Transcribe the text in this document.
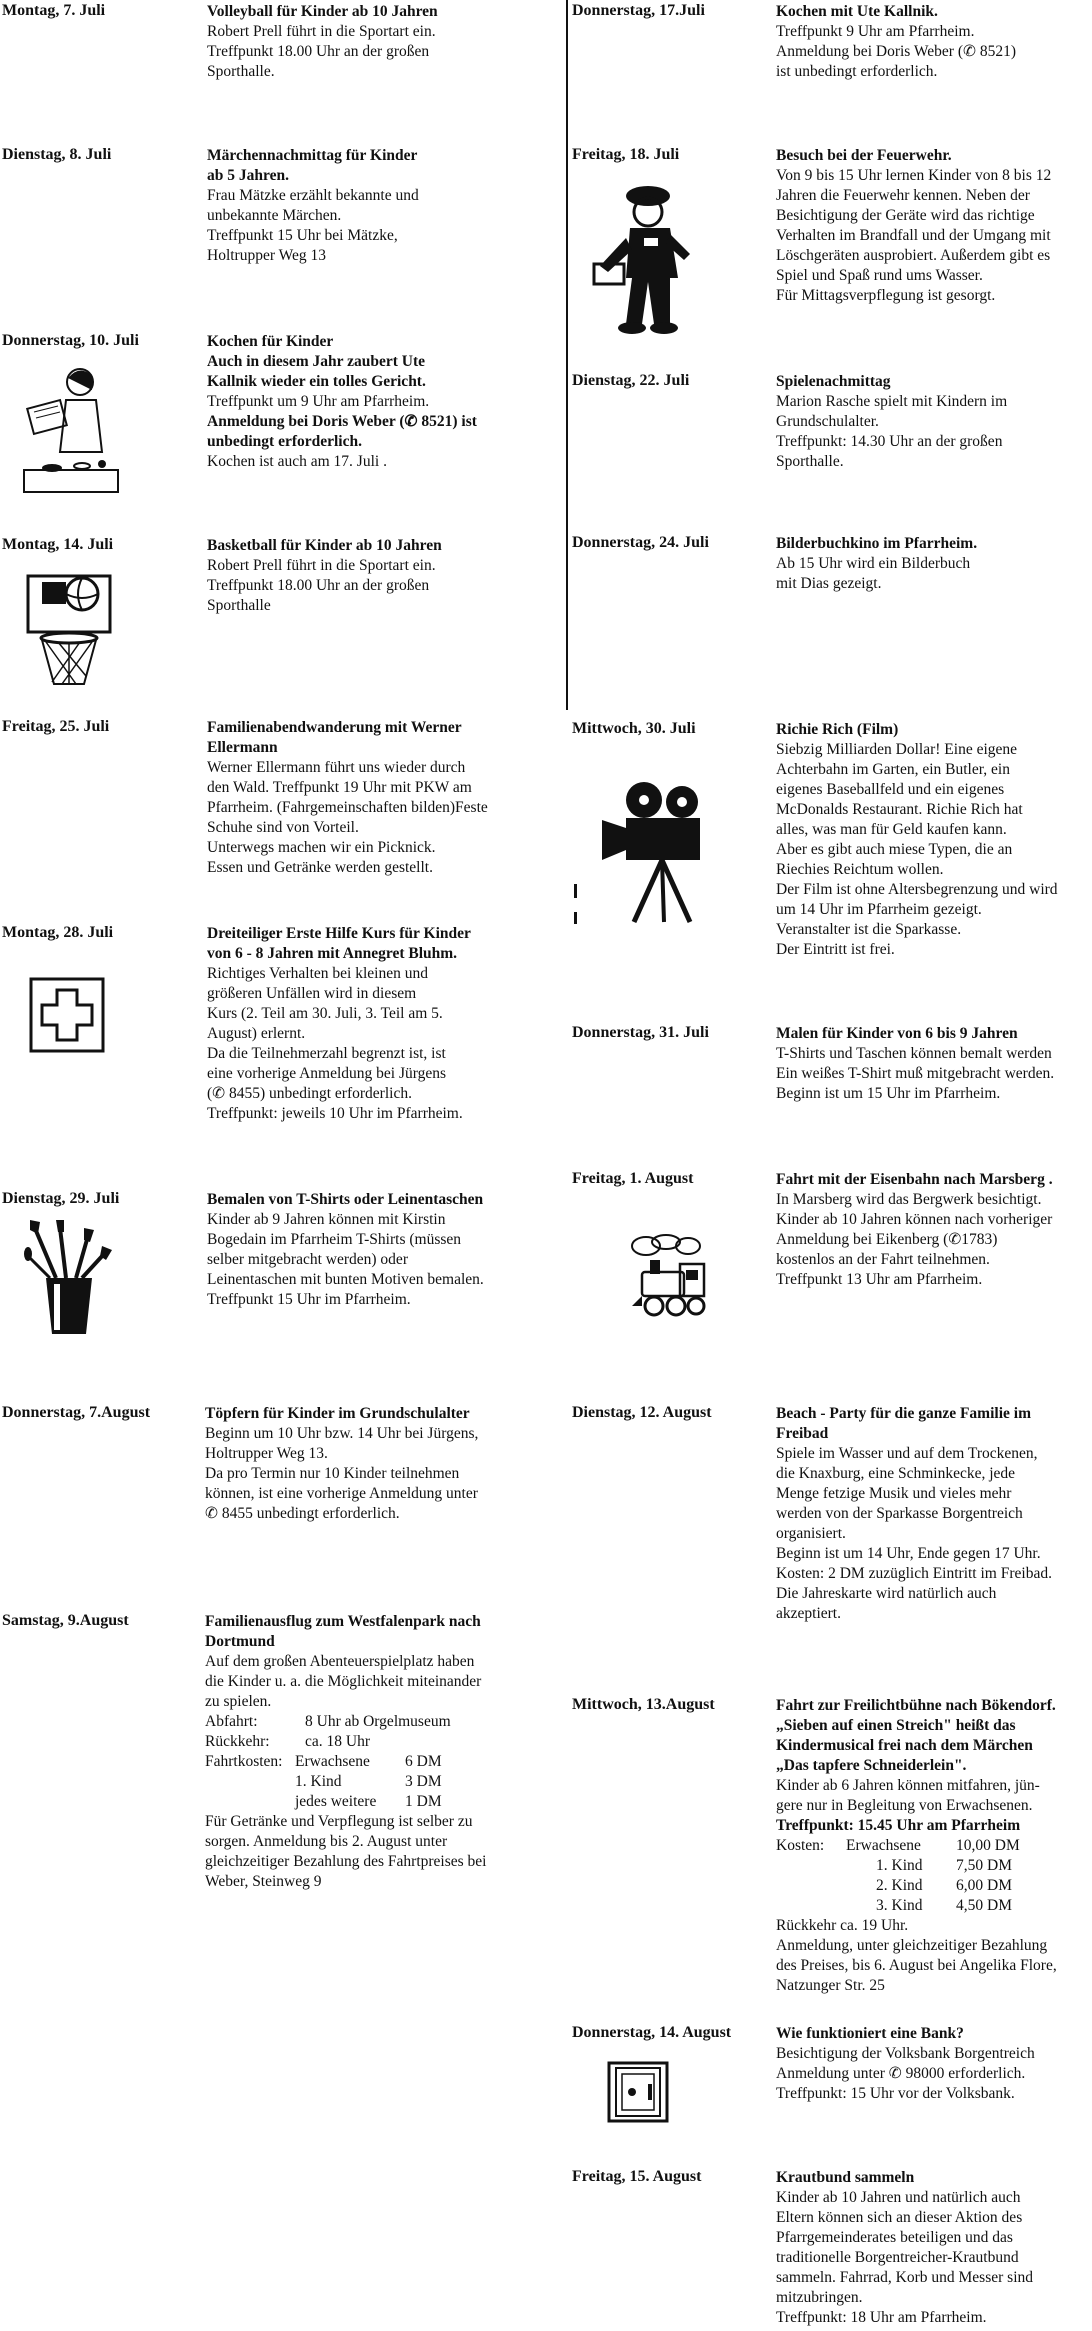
Montag, 7. Juli	Volleyball für Kinder ab 10 Jahren
Robert Prell führt in die Sportart ein.
Treffpunkt 18.00 Uhr an der großen
Sporthalle.
Dienstag, 8. Juli	Märchennachmittag für Kinder
ab 5 Jahren.
Frau Mätzke erzählt bekannte und
unbekannte Märchen.
Treffpunkt 15 Uhr bei Mätzke,
Holtrupper Weg 13
Donnerstag, 10. Juli	Kochen für Kinder
Auch in diesem Jahr zaubert Ute
Kallnik wieder ein tolles Gericht.
Treffpunkt um 9 Uhr am Pfarrheim.
Anmeldung bei Doris Weber (✆ 8521) ist
unbedingt erforderlich.
Kochen ist auch am 17. Juli .
Montag, 14. Juli	Basketball für Kinder ab 10 Jahren
Robert Prell führt in die Sportart ein.
Treffpunkt 18.00 Uhr an der großen
Sporthalle
Freitag, 25. Juli	Familienabendwanderung mit Werner
Ellermann
Werner Ellermann führt uns wieder durch
den Wald. Treffpunkt 19 Uhr mit PKW am
Pfarrheim. (Fahrgemeinschaften bilden)Feste
Schuhe sind von Vorteil.
Unterwegs machen wir ein Picknick.
Essen und Getränke werden gestellt.
Montag, 28. Juli	Dreiteiliger Erste Hilfe Kurs für Kinder
von 6 - 8 Jahren mit Annegret Bluhm.
Richtiges Verhalten bei kleinen und
größeren Unfällen wird in diesem
Kurs (2. Teil am 30. Juli, 3. Teil am 5.
August) erlernt.
Da die Teilnehmerzahl begrenzt ist, ist
eine vorherige Anmeldung bei Jürgens
(✆ 8455) unbedingt erforderlich.
Treffpunkt: jeweils 10 Uhr im Pfarrheim.
Dienstag, 29. Juli	Bemalen von T-Shirts oder Leinentaschen
Kinder ab 9 Jahren können mit Kirstin
Bogedain im Pfarrheim T-Shirts (müssen
selber mitgebracht werden) oder
Leinentaschen mit bunten Motiven bemalen.
Treffpunkt 15 Uhr im Pfarrheim.
Donnerstag, 7.August	Töpfern für Kinder im Grundschulalter
Beginn um 10 Uhr bzw. 14 Uhr bei Jürgens,
Holtrupper Weg 13.
Da pro Termin nur 10 Kinder teilnehmen
können, ist eine vorherige Anmeldung unter
✆ 8455 unbedingt erforderlich.
Samstag, 9.August	Familienausflug zum Westfalenpark nach
Dortmund
Auf dem großen Abenteuerspielplatz haben
die Kinder u. a. die Möglichkeit miteinander
zu spielen.
Abfahrt:	8 Uhr ab Orgelmuseum
Rückkehr:	ca. 18 Uhr
Fahrtkosten: Erwachsene	6 DM
1. Kind	3 DM
jedes weitere	1 DM
Für Getränke und Verpflegung ist selber zu
sorgen. Anmeldung bis 2. August unter
gleichzeitiger Bezahlung des Fahrtpreises bei
Weber, Steinweg 9
Donnerstag, 17.Juli	Kochen mit Ute Kallnik.
Treffpunkt 9 Uhr am Pfarrheim.
Anmeldung bei Doris Weber (✆ 8521)
ist unbedingt erforderlich.
Freitag, 18. Juli	Besuch bei der Feuerwehr.
Von 9 bis 15 Uhr lernen Kinder von 8 bis 12
Jahren die Feuerwehr kennen. Neben der
Besichtigung der Geräte wird das richtige
Verhalten im Brandfall und der Umgang mit
Löschgeräten ausprobiert. Außerdem gibt es
Spiel und Spaß rund ums Wasser.
Für Mittagsverpflegung ist gesorgt.
Dienstag, 22. Juli	Spielenachmittag
Marion Rasche spielt mit Kindern im
Grundschulalter.
Treffpunkt: 14.30 Uhr an der großen
Sporthalle.
Donnerstag, 24. Juli	Bilderbuchkino im Pfarrheim.
Ab 15 Uhr wird ein Bilderbuch
mit Dias gezeigt.
Mittwoch, 30. Juli	Richie Rich (Film)
Siebzig Milliarden Dollar! Eine eigene
Achterbahn im Garten, ein Butler, ein
eigenes Baseballfeld und ein eigenes
McDonalds Restaurant. Richie Rich hat
alles, was man für Geld kaufen kann.
Aber es gibt auch miese Typen, die an
Riechies Reichtum wollen.
Der Film ist ohne Altersbegrenzung und wird
um 14 Uhr im Pfarrheim gezeigt.
Veranstalter ist die Sparkasse.
Der Eintritt ist frei.
Donnerstag, 31. Juli	Malen für Kinder von 6 bis 9 Jahren
T-Shirts und Taschen können bemalt werden
Ein weißes T-Shirt muß mitgebracht werden.
Beginn ist um 15 Uhr im Pfarrheim.
Freitag, 1. August	Fahrt mit der Eisenbahn nach Marsberg .
In Marsberg wird das Bergwerk besichtigt.
Kinder ab 10 Jahren können nach vorheriger
Anmeldung bei Eikenberg (✆1783)
kostenlos an der Fahrt teilnehmen.
Treffpunkt 13 Uhr am Pfarrheim.
Dienstag, 12. August	Beach - Party für die ganze Familie im
Freibad
Spiele im Wasser und auf dem Trockenen,
die Knaxburg, eine Schminkecke, jede
Menge fetzige Musik und vieles mehr
werden von der Sparkasse Borgentreich
organisiert.
Beginn ist um 14 Uhr, Ende gegen 17 Uhr.
Kosten: 2 DM zuzüglich Eintritt im Freibad.
Die Jahreskarte wird natürlich auch
akzeptiert.
Mittwoch, 13.August	Fahrt zur Freilichtbühne nach Bökendorf.
„Sieben auf einen Streich" heißt das
Kindermusical frei nach dem Märchen
„Das tapfere Schneiderlein".
Kinder ab 6 Jahren können mitfahren, jün-
gere nur in Begleitung von Erwachsenen.
Treffpunkt: 15.45 Uhr am Pfarrheim
Kosten:	Erwachsene	10,00 DM
1. Kind	7,50 DM
2. Kind	6,00 DM
3. Kind	4,50 DM
Rückkehr ca. 19 Uhr.
Anmeldung, unter gleichzeitiger Bezahlung
des Preises, bis 6. August bei Angelika Flore,
Natzunger Str. 25
Donnerstag, 14. August	Wie funktioniert eine Bank?
Besichtigung der Volksbank Borgentreich
Anmeldung unter ✆ 98000 erforderlich.
Treffpunkt: 15 Uhr vor der Volksbank.
Freitag, 15. August	Krautbund sammeln
Kinder ab 10 Jahren und natürlich auch
Eltern können sich an dieser Aktion des
Pfarrgemeinderates beteiligen und das
traditionelle Borgentreicher-Krautbund
sammeln. Fahrrad, Korb und Messer sind
mitzubringen.
Treffpunkt: 18 Uhr am Pfarrheim.
